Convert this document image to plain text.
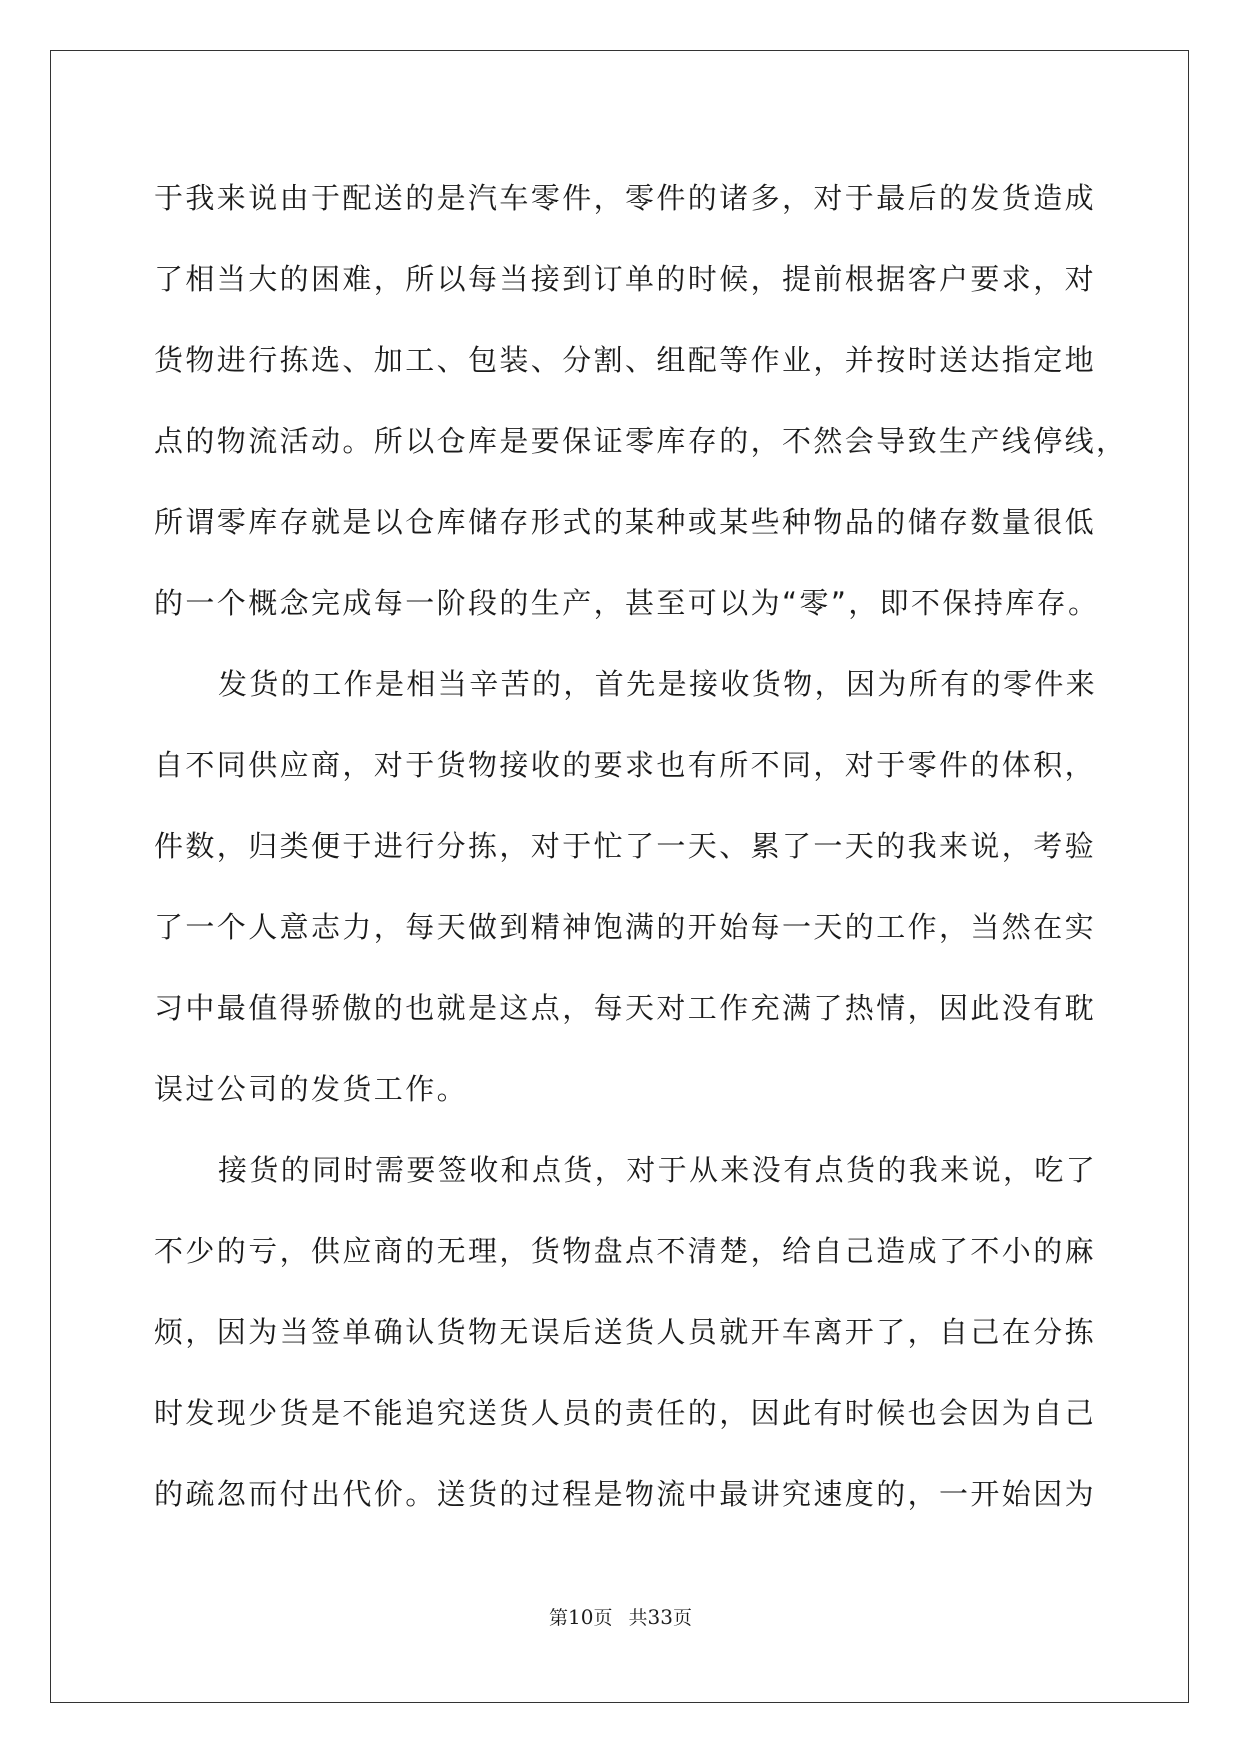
于我来说由于配送的是汽车零件，零件的诸多，对于最后的发货造成
了相当大的困难，所以每当接到订单的时候，提前根据客户要求，对
货物进行拣选、加工、包装、分割、组配等作业，并按时送达指定地
点的物流活动。所以仓库是要保证零库存的，不然会导致生产线停线，
所谓零库存就是以仓库储存形式的某种或某些种物品的储存数量很低
的一个概念完成每一阶段的生产，甚至可以为“零”，即不保持库存。
发货的工作是相当辛苦的，首先是接收货物，因为所有的零件来
自不同供应商，对于货物接收的要求也有所不同，对于零件的体积，
件数，归类便于进行分拣，对于忙了一天、累了一天的我来说，考验
了一个人意志力，每天做到精神饱满的开始每一天的工作，当然在实
习中最值得骄傲的也就是这点，每天对工作充满了热情，因此没有耽
误过公司的发货工作。
接货的同时需要签收和点货，对于从来没有点货的我来说，吃了
不少的亏，供应商的无理，货物盘点不清楚，给自己造成了不小的麻
烦，因为当签单确认货物无误后送货人员就开车离开了，自己在分拣
时发现少货是不能追究送货人员的责任的，因此有时候也会因为自己
的疏忽而付出代价。送货的过程是物流中最讲究速度的，一开始因为
第10页 共33页
